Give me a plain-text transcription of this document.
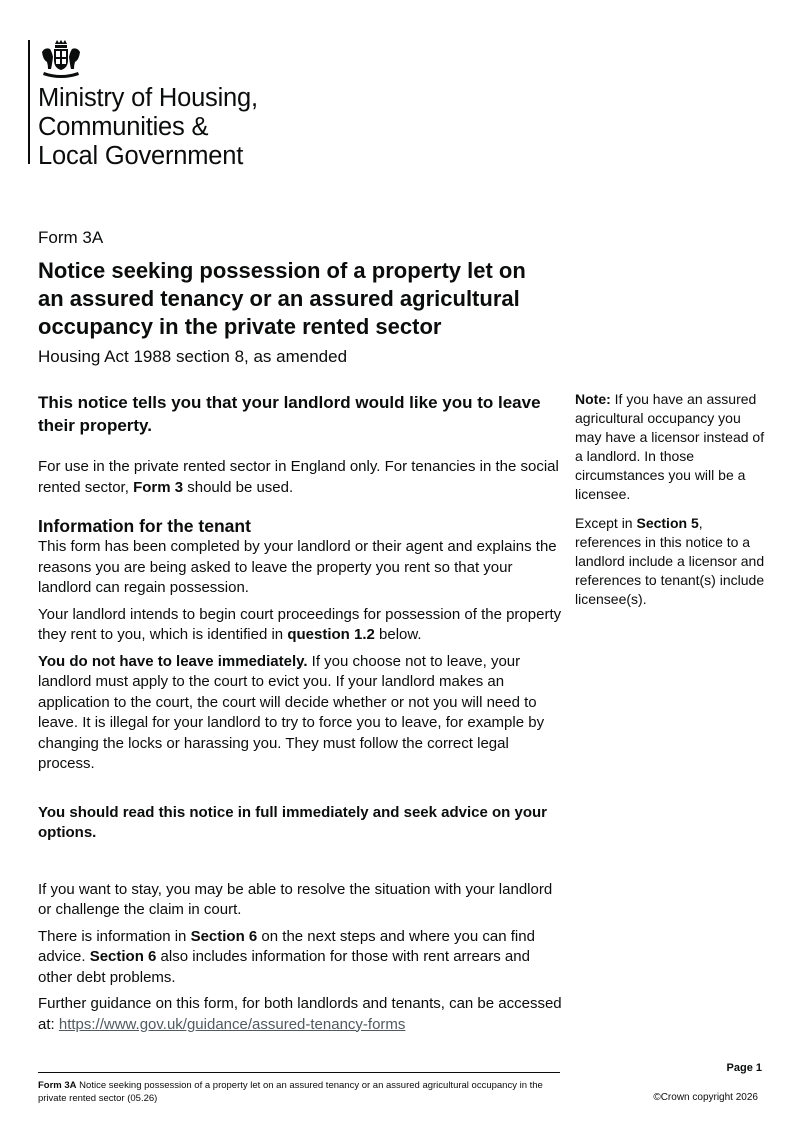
Ministry of Housing,
Communities &
Local Government
Form 3A
Notice seeking possession of a property let on
an assured tenancy or an assured agricultural
occupancy in the private rented sector
Housing Act 1988 section 8, as amended

This notice tells you that your landlord would like you to leave their property.

For use in the private rented sector in England only. For tenancies in the social rented sector, Form 3 should be used.

Information for the tenant

This form has been completed by your landlord or their agent and explains the reasons you are being asked to leave the property you rent so that your landlord can regain possession.

Your landlord intends to begin court proceedings for possession of the property they rent to you, which is identified in question 1.2 below.

You do not have to leave immediately. If you choose not to leave, your landlord must apply to the court to evict you. If your landlord makes an application to the court, the court will decide whether or not you will need to leave. It is illegal for your landlord to try to force you to leave, for example by changing the locks or harassing you. They must follow the correct legal process.

You should read this notice in full immediately and seek advice on your options.

If you want to stay, you may be able to resolve the situation with your landlord or challenge the claim in court.

There is information in Section 6 on the next steps and where you can find advice. Section 6 also includes information for those with rent arrears and other debt problems.

Further guidance on this form, for both landlords and tenants, can be accessed at: https://www.gov.uk/guidance/assured-tenancy-forms

Note: If you have an assured agricultural occupancy you may have a licensor instead of a landlord. In those circumstances you will be a licensee.

Except in Section 5, references in this notice to a landlord include a licensor and references to tenant(s) include licensee(s).

Form 3A Notice seeking possession of a property let on an assured tenancy or an assured agricultural occupancy in the private rented sector (05.26)
Page 1
©Crown copyright 2026
